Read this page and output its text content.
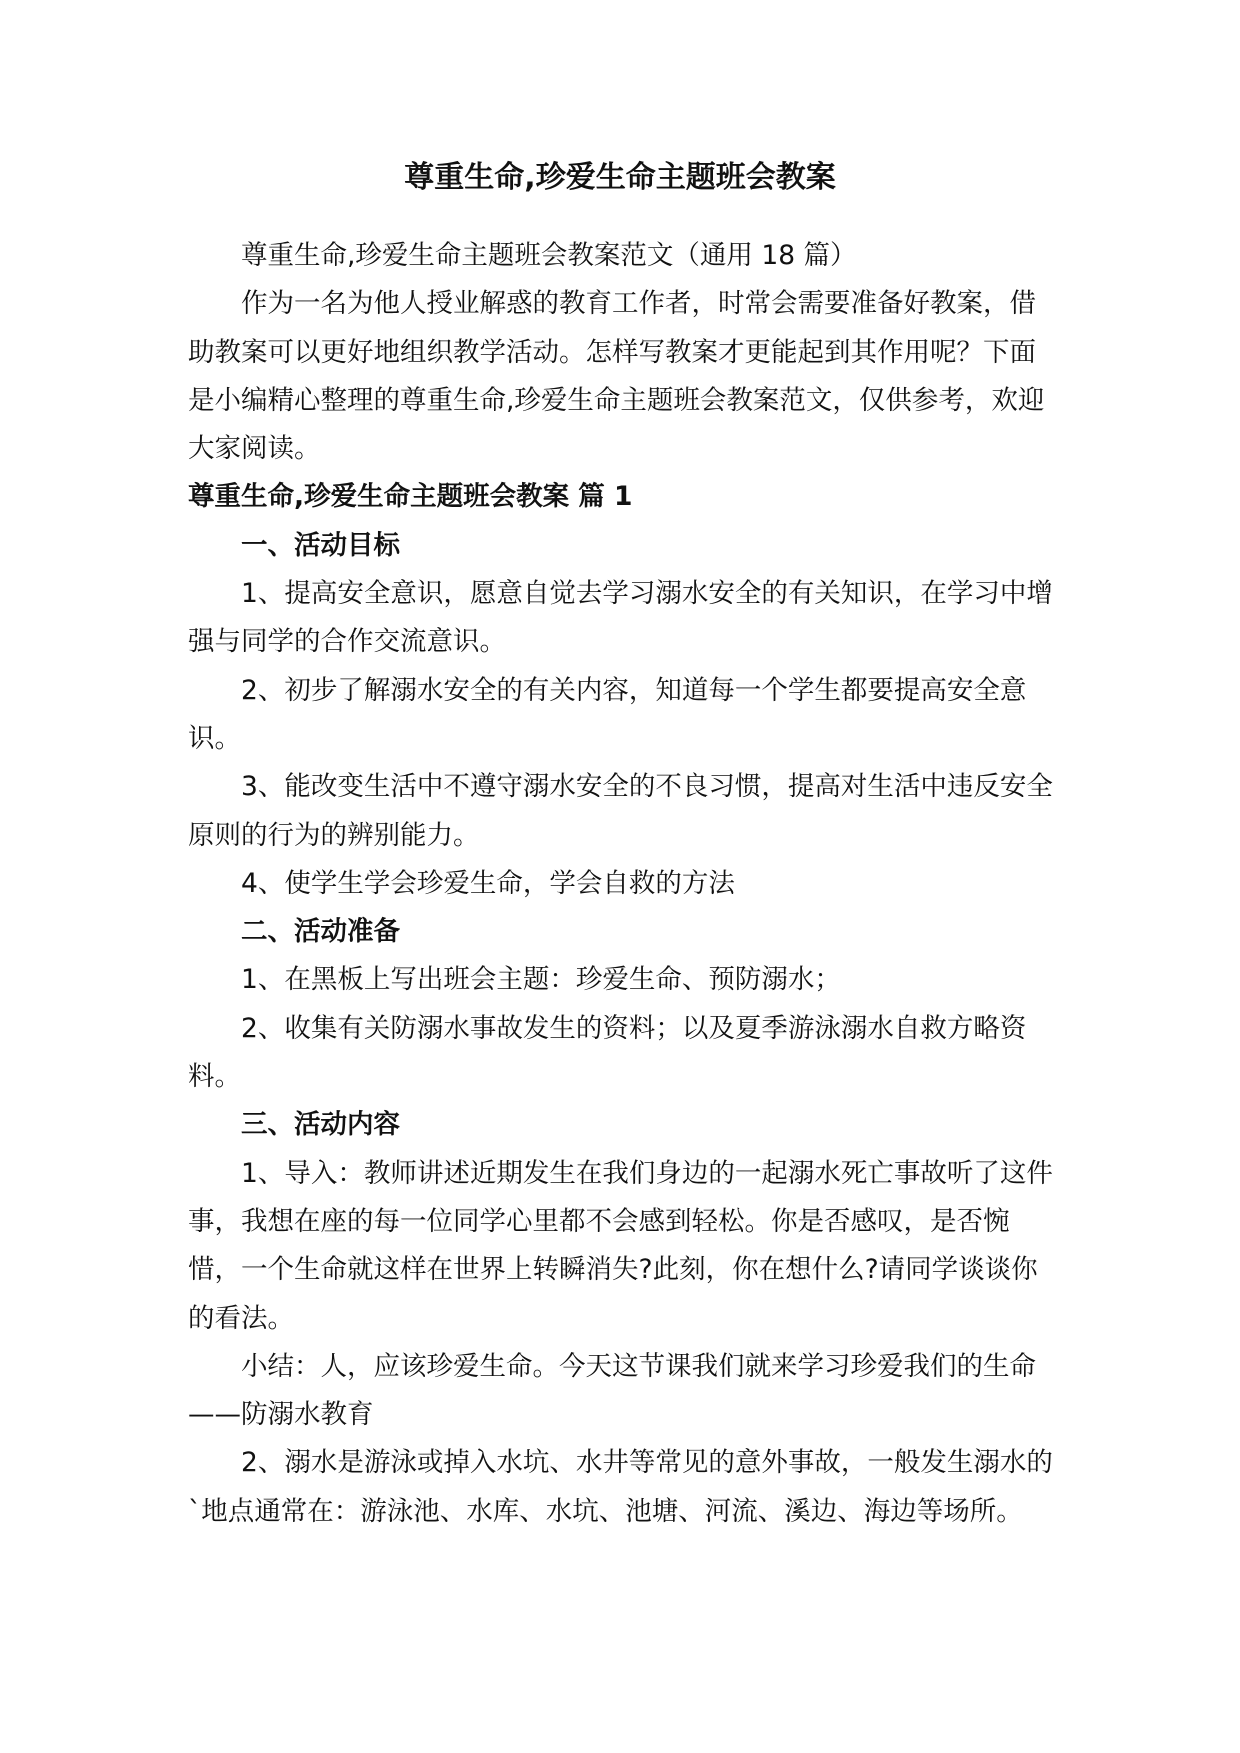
尊重生命,珍爱生命主题班会教案

尊重生命,珍爱生命主题班会教案范文（通用 18 篇）

作为一名为他人授业解惑的教育工作者，时常会需要准备好教案，借助教案可以更好地组织教学活动。怎样写教案才更能起到其作用呢？下面是小编精心整理的尊重生命,珍爱生命主题班会教案范文，仅供参考，欢迎大家阅读。

尊重生命,珍爱生命主题班会教案 篇 1

一、活动目标

1、提高安全意识，愿意自觉去学习溺水安全的有关知识，在学习中增强与同学的合作交流意识。

2、初步了解溺水安全的有关内容，知道每一个学生都要提高安全意识。

3、能改变生活中不遵守溺水安全的不良习惯，提高对生活中违反安全原则的行为的辨别能力。

4、使学生学会珍爱生命，学会自救的方法

二、活动准备

1、在黑板上写出班会主题：珍爱生命、预防溺水；

2、收集有关防溺水事故发生的资料；以及夏季游泳溺水自救方略资料。

三、活动内容

1、导入：教师讲述近期发生在我们身边的一起溺水死亡事故听了这件事，我想在座的每一位同学心里都不会感到轻松。你是否感叹，是否惋惜，一个生命就这样在世界上转瞬消失?此刻，你在想什么?请同学谈谈你的看法。

小结：人，应该珍爱生命。今天这节课我们就来学习珍爱我们的生命——防溺水教育

2、溺水是游泳或掉入水坑、水井等常见的意外事故，一般发生溺水的`地点通常在：游泳池、水库、水坑、池塘、河流、溪边、海边等场所。
